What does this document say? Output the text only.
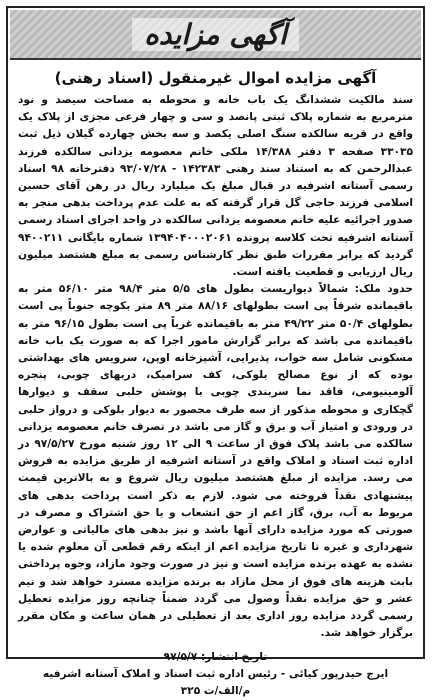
آگهی مزایده
آگهی مزایده اموال غیرمنقول (اسناد رهنی)

سند مالکیت ششدانگ یک باب خانه و محوطه به مساحت سیصد و نود مترمربع به شماره پلاک ثبتی پانصد و سی و چهار فرعی مجزی از پلاک یک واقع در قریه سالکده سنگ اصلی یکصد و سه بخش چهارده گیلان ذیل ثبت ۳۳۰۳۵ صفحه ۳ دفتر ۱۴/۳۸۸ ملکی خانم معصومه یزدانی سالکده فرزند عبدالرحمن که به استناد سند رهنی ۱۴۲۳۸۳ - ۹۳/۰۷/۲۸ دفترخانه ۹۸ اسناد رسمی آستانه اشرفیه در قبال مبلغ یک میلیارد ریال در رهن آقای حسین اسلامی فرزند حاجی گل قرار گرفته که به علت عدم پرداخت بدهی منجر به صدور اجرائیه علیه خانم معصومه یزدانی سالکده در واحد اجرای اسناد رسمی آستانه اشرفیه تحت کلاسه پرونده ۱۳۹۴۰۴۰۰۰۲۰۶۱ شماره بایگانی ۹۴۰۰۲۱۱ گردید که برابر مقررات طبق نظر کارشناس رسمی به مبلغ هشتصد میلیون ریال ارزیابی و قطعیت یافته است.

حدود ملک: شمالاً دیواریست بطول های ۵/۵ متر ۹۸/۴ متر ۵۶/۱۰ متر به باقیمانده شرقاً پی است بطولهای ۸۸/۱۶ متر ۸۹ متر بکوچه جنوباً پی است بطولهای ۵۰/۴ متر ۴۹/۲۲ متر به باقیمانده غرباً پی است بطول ۹۶/۱۵ متر به باقیمانده می باشد که برابر گزارش مامور اجرا که به صورت یک باب خانه مسکونی شامل سه خواب، پذیرایی، آشپزخانه اوپن، سرویس های بهداشتی بوده که از نوع مصالح بلوکی، کف سرامیک، دربهای چوبی، پنجره آلومینیومی، فاقد نما سربندی چوبی با پوشش حلبی سقف و دیوارها گچکاری و محوطه مذکور از سه طرف محصور به دیوار بلوکی و درواز حلبی در ورودی و امتیاز آب و برق و گاز می باشد در تصرف خانم معصومه یزدانی سالکده می باشد پلاک فوق از ساعت ۹ الی ۱۲ روز شنبه مورخ ۹۷/۵/۲۷ در اداره ثبت اسناد و املاک واقع در آستانه اشرفیه از طریق مزایده به فروش می رسد. مزایده از مبلغ هشتصد میلیون ریال شروع و به بالاترین قیمت پیشنهادی نقداً فروخته می شود. لازم به ذکر است پرداخت بدهی های مربوط به آب، برق، گاز اعم از حق انشعاب و یا حق اشتراک و مصرف در صورتی که مورد مزایده دارای آنها باشد و نیز بدهی های مالیاتی و عوارض شهرداری و غیره تا تاریخ مزایده اعم از اینکه رقم قطعی آن معلوم شده یا نشده به عهده برنده مزایده است و نیز در صورت وجود مازاد، وجوه پرداختی بابت هزینه های فوق از محل مازاد به برنده مزایده مسترد خواهد شد و نیم عشر و حق مزایده نقداً وصول می گردد ضمناً چنانچه روز مزایده تعطیل رسمی گردد مزایده روز اداری بعد از تعطیلی در همان ساعت و مکان مقرر برگزار خواهد شد.

تاریخ انتشار: ۹۷/۵/۷
ایرج حیدرپور کیائی - رئیس اداره ثبت اسناد و املاک آستانه اشرفیه
م/الف/ت ۳۲۵
